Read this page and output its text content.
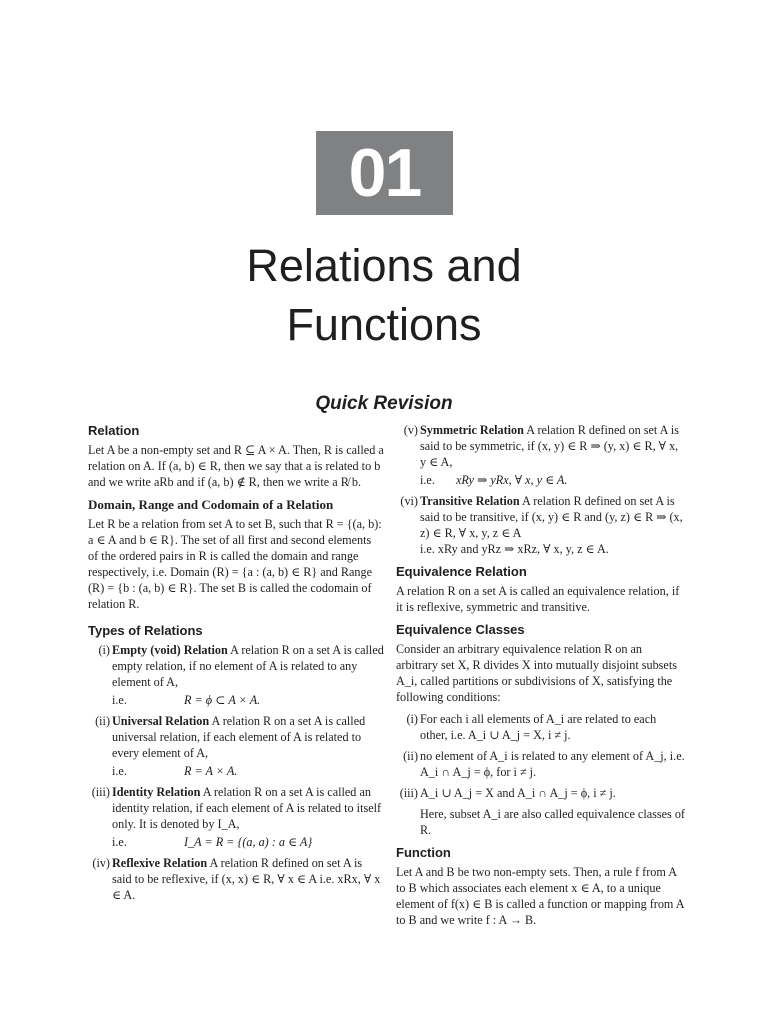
01
Relations and
Functions
Quick Revision
Relation

Let A be a non-empty set and R ⊆ A × A. Then, R is called a relation on A. If (a, b) ∈ R, then we say that a is related to b and we write aRb and if (a, b) ∉ R, then we write a R̸ b.

Domain, Range and Codomain of a Relation

Let R be a relation from set A to set B, such that R = {(a, b): a ∈ A and b ∈ R}. The set of all first and second elements of the ordered pairs in R is called the domain and range respectively, i.e. Domain (R) = {a : (a, b) ∈ R} and Range (R) = {b : (a, b) ∈ R}. The set B is called the codomain of relation R.

Types of Relations
(i) Empty (void) Relation A relation R on a set A is called empty relation, if no element of A is related to any element of A,
i.e.	R = ϕ ⊂ A × A.
(ii) Universal Relation A relation R on a set A is called universal relation, if each element of A is related to every element of A,
i.e.	R = A × A.
(iii) Identity Relation A relation R on a set A is called an identity relation, if each element of A is related to itself only. It is denoted by I_A,
i.e.	I_A = R = {(a, a) : a ∈ A}
(iv) Reflexive Relation A relation R defined on set A is said to be reflexive, if (x, x) ∈ R, ∀ x ∈ A i.e. xRx, ∀ x ∈ A.
(v) Symmetric Relation A relation R defined on set A is said to be symmetric, if (x, y) ∈ R ⇒ (y, x) ∈ R, ∀ x, y ∈ A,
i.e.	xRy ⇒ yRx, ∀ x, y ∈ A.
(vi) Transitive Relation A relation R defined on set A is said to be transitive, if (x, y) ∈ R and (y, z) ∈ R ⇒ (x, z) ∈ R, ∀ x, y, z ∈ A
i.e. xRy and yRz ⇒ xRz, ∀ x, y, z ∈ A.
Equivalence Relation

A relation R on a set A is called an equivalence relation, if it is reflexive, symmetric and transitive.

Equivalence Classes

Consider an arbitrary equivalence relation R on an arbitrary set X, R divides X into mutually disjoint subsets A_i, called partitions or subdivisions of X, satisfying the following conditions:

(i) For each i all elements of A_i are related to each other, i.e. A_i ∪ A_j = X, i ≠ j.
(ii) no element of A_i is related to any element of A_j, i.e. A_i ∩ A_j = ϕ, for i ≠ j.
(iii) A_i ∪ A_j = X and A_i ∩ A_j = ϕ, i ≠ j.
Here, subset A_i are also called equivalence classes of R.
Function

Let A and B be two non-empty sets. Then, a rule f from A to B which associates each element x ∈ A, to a unique element of f(x) ∈ B is called a function or mapping from A to B and we write f : A → B.
